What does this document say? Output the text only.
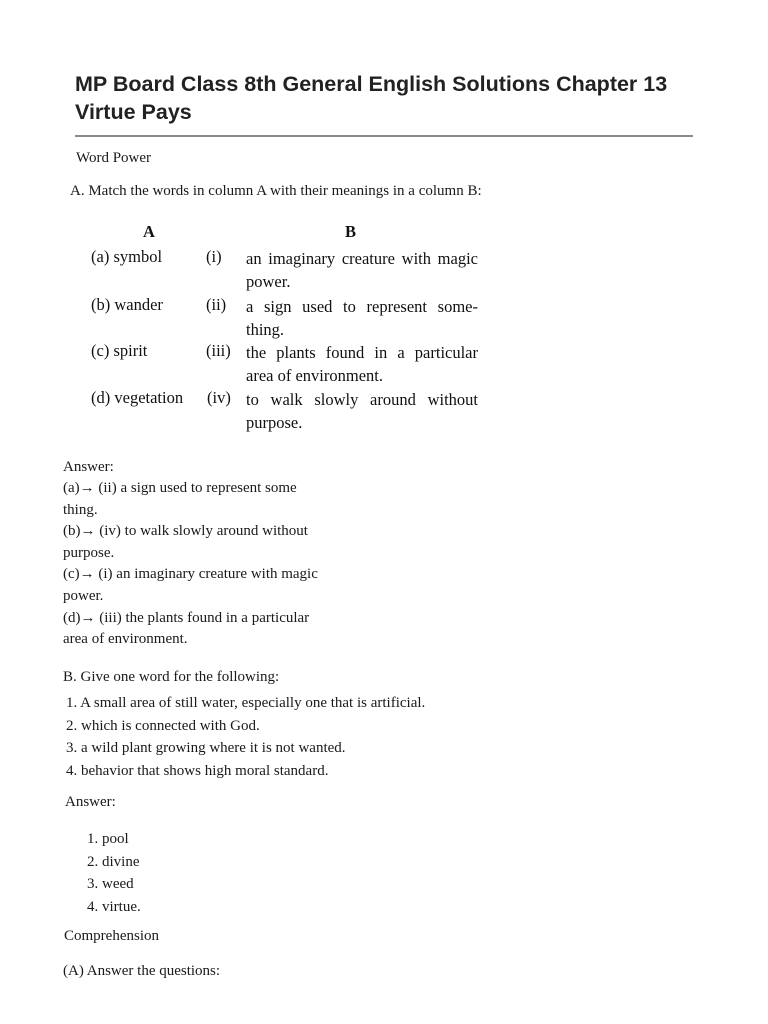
MP Board Class 8th General English Solutions Chapter 13 Virtue Pays
Word Power
A. Match the words in column A with their meanings in a column B:
A	B
(a) symbol	(i) an imaginary creature with magic power.
(b) wander	(ii) a sign used to represent some-thing.
(c) spirit	(iii) the plants found in a particular area of environment.
(d) vegetation (iv) to walk slowly around without purpose.
Answer:

(a)→ (ii) a sign used to represent some thing.

(b)→ (iv) to walk slowly around without purpose.

(c)→ (i) an imaginary creature with magic power.

(d)→ (iii) the plants found in a particular area of environment.

B. Give one word for the following:
1. A small area of still water, especially one that is artificial.
2. which is connected with God.
3. a wild plant growing where it is not wanted.
4. behavior that shows high moral standard.
Answer:
1. pool
2. divine
3. weed
4. virtue.
Comprehension
(A) Answer the questions:
